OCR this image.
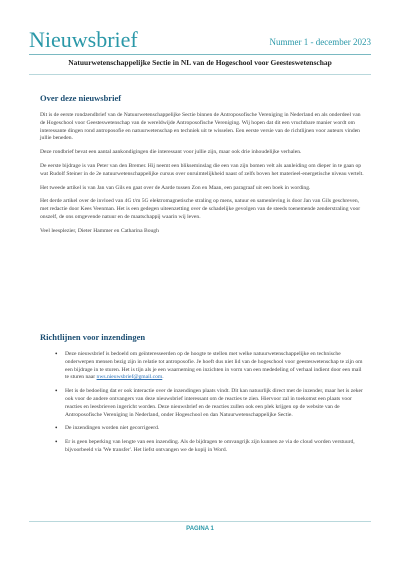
Nieuwsbrief	Nummer 1 - december 2023
Natuurwetenschappelijke Sectie in NL van de Hogeschool voor Geesteswetenschap
Over deze nieuwsbrief

Dit is de eerste rondzendbrief van de Natuurwetenschappelijke Sectie binnen de Antroposofische Vereniging in Nederland en als onderdeel van de Hogeschool voor Geesteswetenschap van de wereldwijde Antroposofische Vereniging. Wij hopen dat dit een vruchtbare manier wordt om interessante dingen rond antroposofie en natuurwetenschap en techniek uit te wisselen. Een eerste versie van de richtlijnen voor auteurs vinden jullie beneden.

Deze rondbrief bevat een aantal aankondigingen die interessant voor jullie zijn, maar ook drie inhoudelijke verhalen.

De eerste bijdrage is van Peter van den Bremer. Hij neemt een blikseminslag die een van zijn bomen velt als aanleiding om dieper in te gaan op wat Rudolf Steiner in de 2e natuurwetenschappelijke cursus over onruimtelijkheid naast of zelfs boven het materieel-energetische niveau vertelt.

Het tweede artikel is van Jan van Gils en gaat over de Aarde tussen Zon en Maan, een paragraaf uit een boek in wording.

Het derde artikel over de invloed van 4G t/m 5G elektromagnetische straling op mens, natuur en samenleving is door Jan van Gils geschreven, met redactie door Kees Veenman. Het is een gedegen uiteenzetting over de schadelijke gevolgen van de steeds toenemende zenderstraling voor onszelf, de ons omgevende natuur en de maatschappij waarin wij leven.

Veel leesplezier, Dieter Hammer en Catharina Bough

Richtlijnen voor inzendingen
• Deze nieuwsbrief is bedoeld om geïnteresseerden op de hoogte te stellen met welke natuurwetenschappelijke en technische onderwerpen mensen bezig zijn in relatie tot antroposofie. Je hoeft dus niet lid van de hogeschool voor geesteswetenschap te zijn om een bijdrage in te sturen. Het is tijn als je een waarneming en inzichten in vorm van een mededeling of verhaal indient door een mail te sturen naar nws.nieuwsbrief@gmail.com.
• Het is de bedoeling dat er ook interactie over de inzendingen plaats vindt. Dit kan natuurlijk direct met de inzender, maar het is zeker ook voor de andere ontvangers van deze nieuwsbrief interessant om de reacties te zien. Hiervoor zal in toekomst een plaats voor reacties en leesbrieven ingericht worden. Deze nieuwsbrief en de reacties zullen ook een plek krijgen op de website van de Antroposofische Vereniging in Nederland, onder Hogeschool en dan Natuurwetenschappelijke Sectie.
• De inzendingen worden niet gecorrigeerd.
• Er is geen beperking van lengte van een inzending. Als de bijdragen te omvangrijk zijn kunnen ze via de cloud worden verstuurd, bijvoorbeeld via 'We transfer'. Het liefst ontvangen we de kopij in Word.
PAGINA 1
